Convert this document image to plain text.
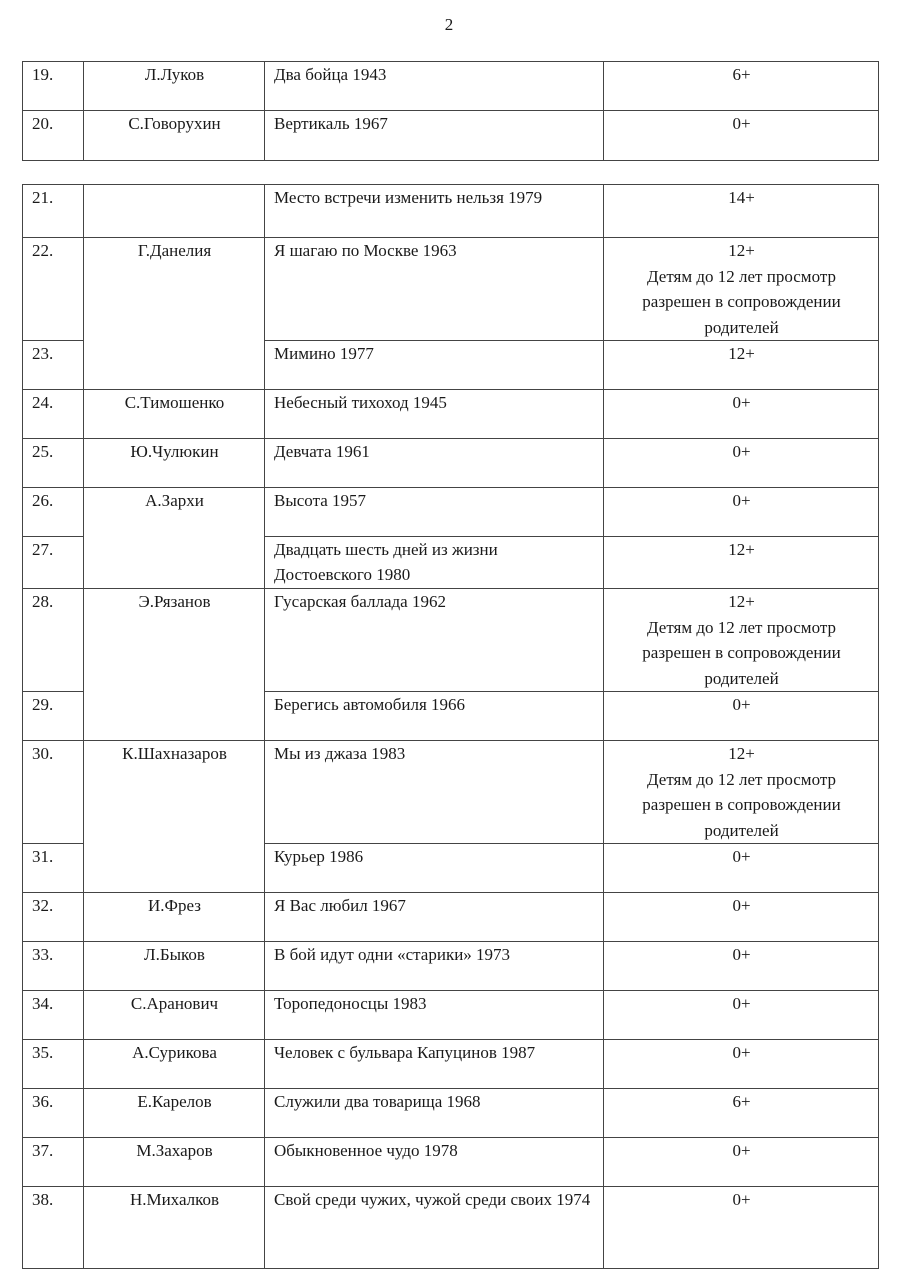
2
19.	Л.Луков	Два бойца 1943	6+
20.	С.Говорухин	Вертикаль 1967	0+
21.		Место встречи изменить нельзя 1979	14+
22.	Г.Данелия	Я шагаю по Москве 1963	12+
Детям до 12 лет просмотр разрешен в сопровождении родителей

23.		Мимино 1977	12+
24.	С.Тимошенко	Небесный тихоход 1945	0+
25.	Ю.Чулюкин	Девчата 1961	0+
26.	А.Зархи	Высота 1957	0+
27.		Двадцать шесть дней из жизни Достоевского 1980	12+
28.	Э.Рязанов	Гусарская баллада 1962	12+
Детям до 12 лет просмотр разрешен в сопровождении родителей

29.		Берегись автомобиля 1966	0+
30.	К.Шахназаров	Мы из джаза 1983	12+
Детям до 12 лет просмотр разрешен в сопровождении родителей

31.		Курьер 1986	0+
32.	И.Фрез	Я Вас любил 1967	0+
33.	Л.Быков	В бой идут одни «старики» 1973	0+
34.	С.Аранович	Торопедоносцы 1983	0+
35.	А.Сурикова	Человек с бульвара Капуцинов 1987	0+
36.	Е.Карелов	Служили два товарища 1968	6+
37.	М.Захаров	Обыкновенное чудо 1978	0+
38.	Н.Михалков	Свой среди чужих, чужой среди своих 1974	0+
